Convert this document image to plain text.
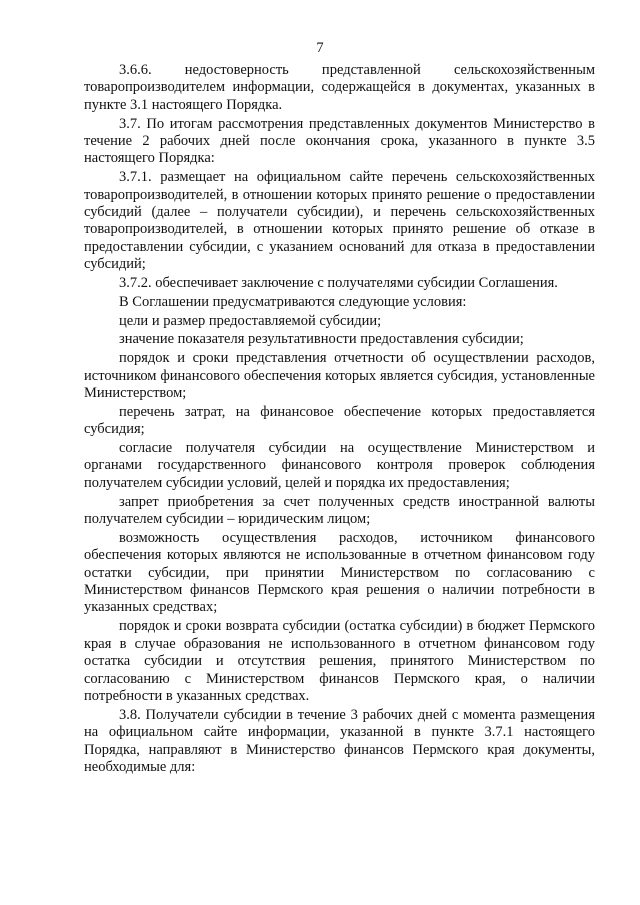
7

3.6.6. недостоверность представленной сельскохозяйственным товаропроизводителем информации, содержащейся в документах, указанных в пункте 3.1 настоящего Порядка.

3.7. По итогам рассмотрения представленных документов Министерство в течение 2 рабочих дней после окончания срока, указанного в пункте 3.5 настоящего Порядка:

3.7.1. размещает на официальном сайте перечень сельскохозяйственных товаропроизводителей, в отношении которых принято решение о предоставлении субсидий (далее – получатели субсидии), и перечень сельскохозяйственных товаропроизводителей, в отношении которых принято решение об отказе в предоставлении субсидии, с указанием оснований для отказа в предоставлении субсидий;

3.7.2. обеспечивает заключение с получателями субсидии Соглашения.

В Соглашении предусматриваются следующие условия:

цели и размер предоставляемой субсидии;

значение показателя результативности предоставления субсидии;

порядок и сроки представления отчетности об осуществлении расходов, источником финансового обеспечения которых является субсидия, установленные Министерством;

перечень затрат, на финансовое обеспечение которых предоставляется субсидия;

согласие получателя субсидии на осуществление Министерством и органами государственного финансового контроля проверок соблюдения получателем субсидии условий, целей и порядка их предоставления;

запрет приобретения за счет полученных средств иностранной валюты получателем субсидии – юридическим лицом;

возможность осуществления расходов, источником финансового обеспечения которых являются не использованные в отчетном финансовом году остатки субсидии, при принятии Министерством по согласованию с Министерством финансов Пермского края решения о наличии потребности в указанных средствах;

порядок и сроки возврата субсидии (остатка субсидии) в бюджет Пермского края в случае образования не использованного в отчетном финансовом году остатка субсидии и отсутствия решения, принятого Министерством по согласованию с Министерством финансов Пермского края, о наличии потребности в указанных средствах.

3.8. Получатели субсидии в течение 3 рабочих дней с момента размещения на официальном сайте информации, указанной в пункте 3.7.1 настоящего Порядка, направляют в Министерство финансов Пермского края документы, необходимые для:
